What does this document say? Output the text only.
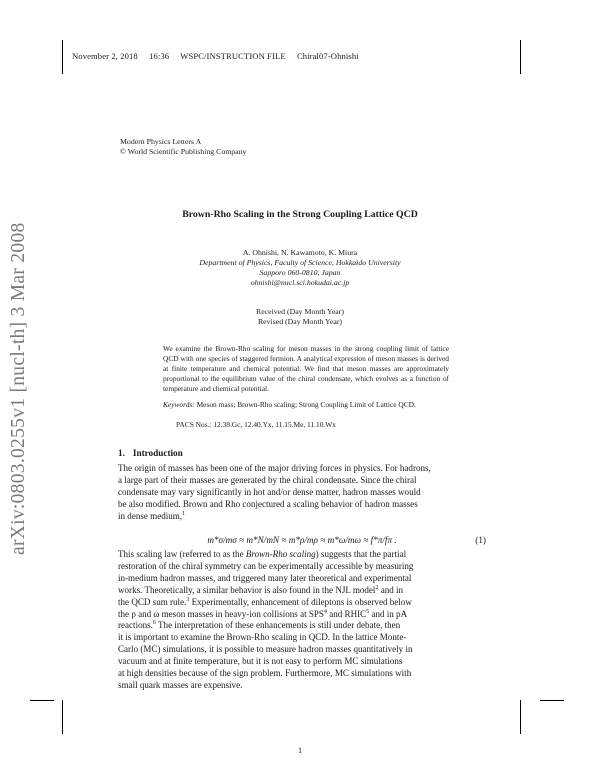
November 2, 2018 16:36 WSPC/INSTRUCTION FILE Chiral07-Ohnishi
arXiv:0803.0255v1 [nucl-th] 3 Mar 2008
Modern Physics Letters A
© World Scientific Publishing Company
Brown-Rho Scaling in the Strong Coupling Lattice QCD
A. Ohnishi, N. Kawamoto, K. Miura
Department of Physics, Faculty of Science, Hokkaido University
Sapporo 060-0810, Japan
ohnishi@nucl.sci.hokudai.ac.jp
Received (Day Month Year)
Revised (Day Month Year)
We examine the Brown-Rho scaling for meson masses in the strong coupling limit of lattice QCD with one species of staggered fermion. A analytical expression of meson masses is derived at finite temperature and chemical potential. We find that meson masses are approximately proportional to the equilibrium value of the chiral condensate, which evolves as a function of temperature and chemical potential.
Keywords: Meson mass; Brown-Rho scaling; Strong Coupling Limit of Lattice QCD.
PACS Nos.: 12.38.Gc, 12.40.Yx, 11.15.Me, 11.10.Wx
1. Introduction
The origin of masses has been one of the major driving forces in physics. For hadrons,
a large part of their masses are generated by the chiral condensate. Since the chiral
condensate may vary significantly in hot and/or dense matter, hadron masses would
be also modified. Brown and Rho conjectured a scaling behavior of hadron masses
in dense medium,$^1$
m*σ/mσ ≈ m*N/mN ≈ m*ρ/mρ ≈ m*ω/mω ≈ f*π/fπ .	(1)
This scaling law (referred to as the Brown-Rho scaling) suggests that the partial
restoration of the chiral symmetry can be experimentally accessible by measuring
in-medium hadron masses, and triggered many later theoretical and experimental
works. Theoretically, a similar behavior is also found in the NJL model$^2$ and in
the QCD sum rule.$^3$ Experimentally, enhancement of dileptons is observed below
the ρ and ω meson masses in heavy-ion collisions at SPS$^4$ and RHIC$^5$ and in pA
reactions.$^6$ The interpretation of these enhancements is still under debate, then
it is important to examine the Brown-Rho scaling in QCD. In the lattice Monte-
Carlo (MC) simulations, it is possible to measure hadron masses quantitatively in
vacuum and at finite temperature, but it is not easy to perform MC simulations
at high densities because of the sign problem. Furthermore, MC simulations with
small quark masses are expensive.
1
